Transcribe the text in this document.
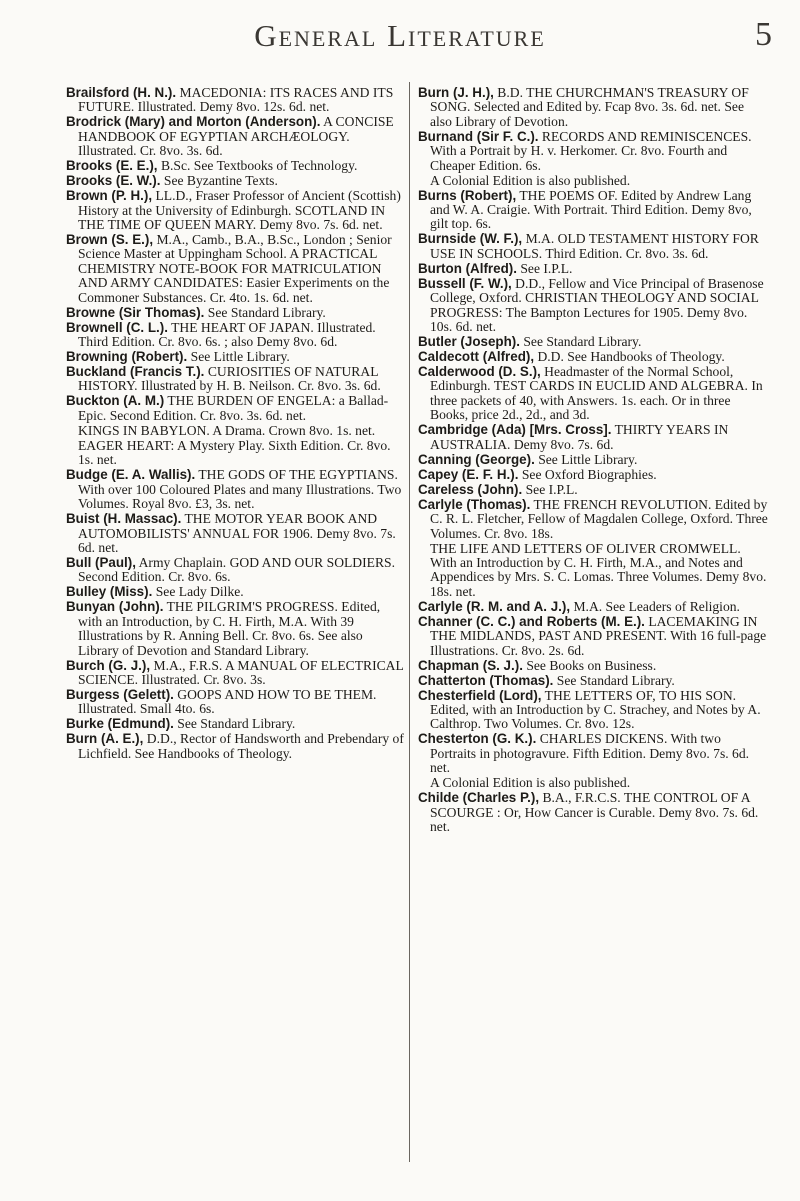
General Literature	5
Brailsford (H. N.). MACEDONIA: ITS RACES AND ITS FUTURE. Illustrated. Demy 8vo. 12s. 6d. net.
Brodrick (Mary) and Morton (Anderson). A CONCISE HANDBOOK OF EGYPTIAN ARCHÆOLOGY. Illustrated. Cr. 8vo. 3s. 6d.
Brooks (E. E.), B.Sc. See Textbooks of Technology.
Brooks (E. W.). See Byzantine Texts.
Brown (P. H.), LL.D., Fraser Professor of Ancient (Scottish) History at the University of Edinburgh. SCOTLAND IN THE TIME OF QUEEN MARY. Demy 8vo. 7s. 6d. net.
Brown (S. E.), M.A., Camb., B.A., B.Sc., London ; Senior Science Master at Uppingham School. A PRACTICAL CHEMISTRY NOTE-BOOK FOR MATRICULATION AND ARMY CANDIDATES: Easier Experiments on the Commoner Substances. Cr. 4to. 1s. 6d. net.
Browne (Sir Thomas). See Standard Library.
Brownell (C. L.). THE HEART OF JAPAN. Illustrated. Third Edition. Cr. 8vo. 6s. ; also Demy 8vo. 6d.
Browning (Robert). See Little Library.
Buckland (Francis T.). CURIOSITIES OF NATURAL HISTORY. Illustrated by H. B. Neilson. Cr. 8vo. 3s. 6d.
Buckton (A. M.) THE BURDEN OF ENGELA: a Ballad-Epic. Second Edition. Cr. 8vo. 3s. 6d. net.
KINGS IN BABYLON. A Drama. Crown 8vo. 1s. net.
EAGER HEART: A Mystery Play. Sixth Edition. Cr. 8vo. 1s. net.
Budge (E. A. Wallis). THE GODS OF THE EGYPTIANS. With over 100 Coloured Plates and many Illustrations. Two Volumes. Royal 8vo. £3, 3s. net.
Buist (H. Massac). THE MOTOR YEAR BOOK AND AUTOMOBILISTS' ANNUAL FOR 1906. Demy 8vo. 7s. 6d. net.
Bull (Paul), Army Chaplain. GOD AND OUR SOLDIERS. Second Edition. Cr. 8vo. 6s.
Bulley (Miss). See Lady Dilke.
Bunyan (John). THE PILGRIM'S PROGRESS. Edited, with an Introduction, by C. H. Firth, M.A. With 39 Illustrations by R. Anning Bell. Cr. 8vo. 6s. See also Library of Devotion and Standard Library.
Burch (G. J.), M.A., F.R.S. A MANUAL OF ELECTRICAL SCIENCE. Illustrated. Cr. 8vo. 3s.
Burgess (Gelett). GOOPS AND HOW TO BE THEM. Illustrated. Small 4to. 6s.
Burke (Edmund). See Standard Library.
Burn (A. E.), D.D., Rector of Handsworth and Prebendary of Lichfield. See Handbooks of Theology.
Burn (J. H.), B.D. THE CHURCHMAN'S TREASURY OF SONG. Selected and Edited by. Fcap 8vo. 3s. 6d. net. See also Library of Devotion.
Burnand (Sir F. C.). RECORDS AND REMINISCENCES. With a Portrait by H. v. Herkomer. Cr. 8vo. Fourth and Cheaper Edition. 6s.
A Colonial Edition is also published.
Burns (Robert), THE POEMS OF. Edited by Andrew Lang and W. A. Craigie. With Portrait. Third Edition. Demy 8vo, gilt top. 6s.
Burnside (W. F.), M.A. OLD TESTAMENT HISTORY FOR USE IN SCHOOLS. Third Edition. Cr. 8vo. 3s. 6d.
Burton (Alfred). See I.P.L.
Bussell (F. W.), D.D., Fellow and Vice Principal of Brasenose College, Oxford. CHRISTIAN THEOLOGY AND SOCIAL PROGRESS: The Bampton Lectures for 1905. Demy 8vo. 10s. 6d. net.
Butler (Joseph). See Standard Library.
Caldecott (Alfred), D.D. See Handbooks of Theology.
Calderwood (D. S.), Headmaster of the Normal School, Edinburgh. TEST CARDS IN EUCLID AND ALGEBRA. In three packets of 40, with Answers. 1s. each. Or in three Books, price 2d., 2d., and 3d.
Cambridge (Ada) [Mrs. Cross]. THIRTY YEARS IN AUSTRALIA. Demy 8vo. 7s. 6d.
Canning (George). See Little Library.
Capey (E. F. H.). See Oxford Biographies.
Careless (John). See I.P.L.
Carlyle (Thomas). THE FRENCH REVOLUTION. Edited by C. R. L. Fletcher, Fellow of Magdalen College, Oxford. Three Volumes. Cr. 8vo. 18s.
THE LIFE AND LETTERS OF OLIVER CROMWELL. With an Introduction by C. H. Firth, M.A., and Notes and Appendices by Mrs. S. C. Lomas. Three Volumes. Demy 8vo. 18s. net.
Carlyle (R. M. and A. J.), M.A. See Leaders of Religion.
Channer (C. C.) and Roberts (M. E.). LACEMAKING IN THE MIDLANDS, PAST AND PRESENT. With 16 full-page Illustrations. Cr. 8vo. 2s. 6d.
Chapman (S. J.). See Books on Business.
Chatterton (Thomas). See Standard Library.
Chesterfield (Lord), THE LETTERS OF, TO HIS SON. Edited, with an Introduction by C. Strachey, and Notes by A. Calthrop. Two Volumes. Cr. 8vo. 12s.
Chesterton (G. K.). CHARLES DICKENS. With two Portraits in photogravure. Fifth Edition. Demy 8vo. 7s. 6d. net.
A Colonial Edition is also published.
Childe (Charles P.), B.A., F.R.C.S. THE CONTROL OF A SCOURGE : Or, How Cancer is Curable. Demy 8vo. 7s. 6d. net.
